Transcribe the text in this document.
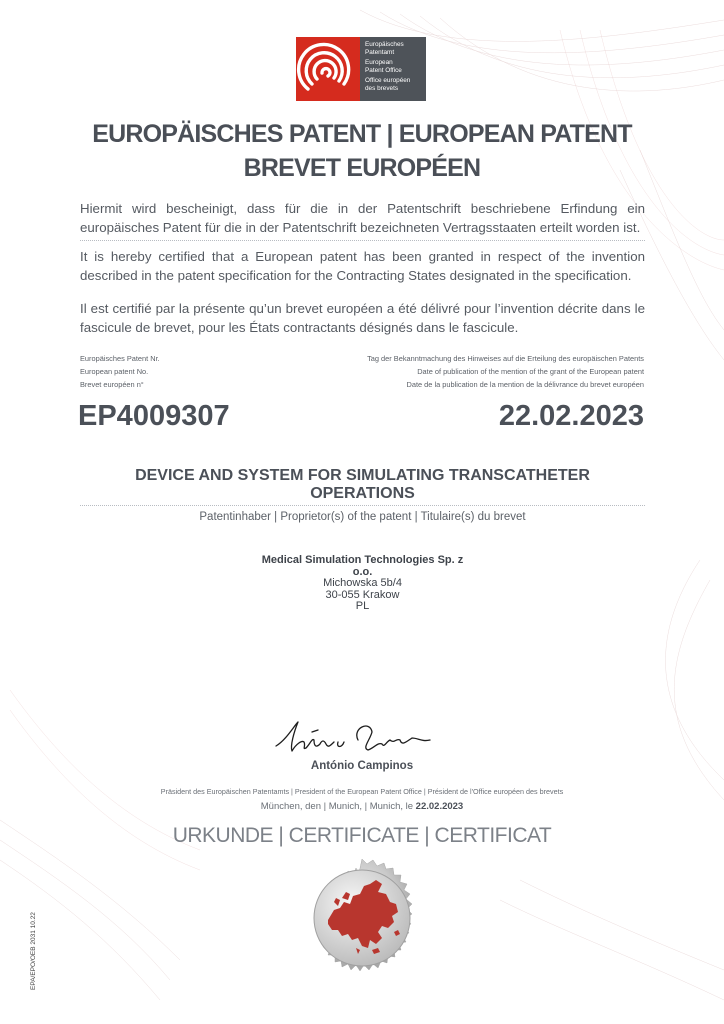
Europäisches
Patentamt
European
Patent Office
Office européen
des brevets
EUROPÄISCHES PATENT | EUROPEAN PATENT
BREVET EUROPÉEN
Hiermit wird bescheinigt, dass für die in der Patentschrift beschriebene Erfindung ein europäisches Patent für die in der Patentschrift bezeichneten Vertragsstaaten erteilt worden ist.
It is hereby certified that a European patent has been granted in respect of the invention described in the patent specification for the Contracting States designated in the specification.
Il est certifié par la présente qu’un brevet européen a été délivré pour l’invention décrite dans le fascicule de brevet, pour les États contractants désignés dans le fascicule.
Europäisches Patent Nr.
European patent No.
Brevet européen n°
Tag der Bekanntmachung des Hinweises auf die Erteilung des europäischen Patents
Date of publication of the mention of the grant of the European patent
Date de la publication de la mention de la délivrance du brevet européen
EP4009307	22.02.2023
DEVICE AND SYSTEM FOR SIMULATING TRANSCATHETER
OPERATIONS
Patentinhaber | Proprietor(s) of the patent | Titulaire(s) du brevet
Medical Simulation Technologies Sp. z
o.o.
Michowska 5b/4
30-055 Krakow
PL
António Campinos
Präsident des Europäischen Patentamts | President of the European Patent Office | Président de l'Office européen des brevets
München, den | Munich, | Munich, le 22.02.2023
URKUNDE | CERTIFICATE | CERTIFICAT
EPA/EPO/OEB 2031 10.22
